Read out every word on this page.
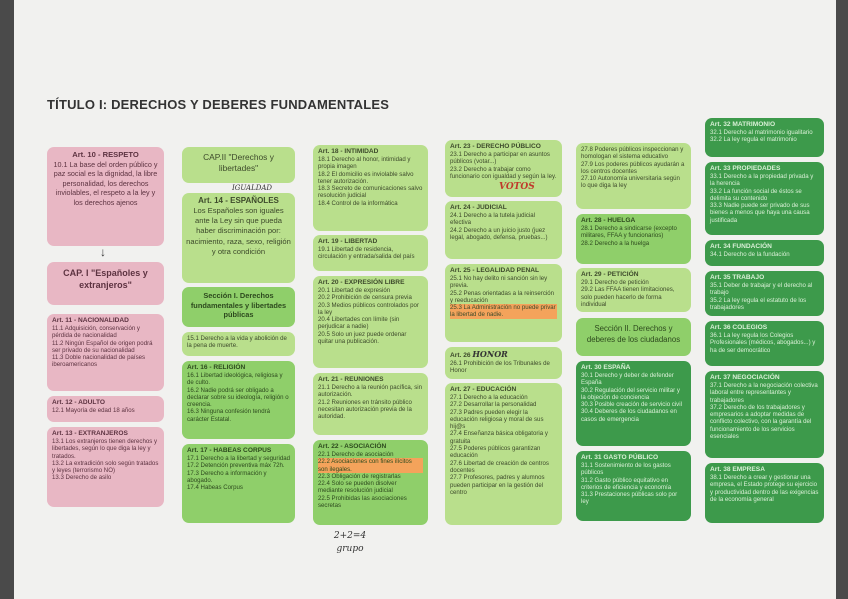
TÍTULO I: DERECHOS Y DEBERES FUNDAMENTALES

Art. 10 - RESPETO

10.1 La base del orden público y paz social es la dignidad, la libre personalidad, los derechos inviolables, el respeto a la ley y los derechos ajenos

↓
CAP. I "Españoles y extranjeros"

Art. 11 - NACIONALIDAD

11.1 Adquisición, conservación y pérdida de nacionalidad

11.2 Ningún Español de origen podrá ser privado de su nacionalidad

11.3 Doble nacionalidad de países iberoamericanos

Art. 12 - ADULTO

12.1 Mayoría de edad 18 años

Art. 13 - EXTRANJEROS

13.1 Los extranjeros tienen derechos y libertades, según lo que diga la ley y tratados.

13.2 La extradición solo según tratados y leyes (terrorismo NO)

13.3 Derecho de asilo

CAP.II "Derechos y libertades"
IGUALDAD

Art. 14 - ESPAÑOLES

Los Españoles son iguales ante la Ley sin que pueda haber discriminación por: nacimiento, raza, sexo, religión y otra condición

Sección I. Derechos fundamentales y libertades públicas

15.1 Derecho a la vida y abolición de la pena de muerte.

Art. 16 - RELIGIÓN

16.1 Libertad ideológica, religiosa y de culto.

16.2 Nadie podrá ser obligado a declarar sobre su ideología, religión o creencia.

16.3 Ninguna confesión tendrá carácter Estatal.

Art. 17 - HABEAS CORPUS

17.1 Derecho a la libertad y seguridad

17.2 Detención preventiva máx 72h.

17.3 Derecho a información y abogado.

17.4 Habeas Corpus

Art. 18 - INTIMIDAD

18.1 Derecho al honor, intimidad y propia imagen

18.2 El domicilio es inviolable salvo tener autorización.

18.3 Secreto de comunicaciones salvo resolución judicial

18.4 Control de la informática

Art. 19 - LIBERTAD

19.1 Libertad de residencia, circulación y entrada/salida del país

Art. 20 - EXPRESIÓN LIBRE

20.1 Libertad de expresión

20.2 Prohibición de censura previa

20.3 Medios públicos controlados por la ley

20.4 Libertades con límite (sin perjudicar a nadie)

20.5 Solo un juez puede ordenar quitar una publicación.

Art. 21 - REUNIONES

21.1 Derecho a la reunión pacífica, sin autorización.

21.2 Reuniones en tránsito público necesitan autorización previa de la autoridad.

Art. 22 - ASOCIACIÓN

22.1 Derecho de asociación

22.2 Asociaciones con fines ilícitos son ilegales.

22.3 Obligación de registrarlas

22.4 Solo se pueden disolver mediante resolución judicial

22.5 Prohibidas las asociaciones secretas

2+2=4 grupo

Art. 23 - DERECHO PÚBLICO

23.1 Derecho a participar en asuntos públicos (votar...)

23.2 Derecho a trabajar como funcionario con igualdad y según la ley.

VOTOS

Art. 24 - JUDICIAL

24.1 Derecho a la tutela judicial efectiva

24.2 Derecho a un juicio justo (juez legal, abogado, defensa, pruebas...)

Art. 25 - LEGALIDAD PENAL

25.1 No hay delito ni sanción sin ley previa.

25.2 Penas orientadas a la reinserción y reeducación

25.3 La Administración no puede privar la libertad de nadie.

Art. 26 HONOR

26.1 Prohibición de los Tribunales de Honor

Art. 27 - EDUCACIÓN

27.1 Derecho a la educación

27.2 Desarrollar la personalidad

27.3 Padres pueden elegir la educación religiosa y moral de sus hij@s

27.4 Enseñanza básica obligatoria y gratuita

27.5 Poderes públicos garantizan educación

27.6 Libertad de creación de centros docentes

27.7 Profesores, padres y alumnos pueden participar en la gestión del centro

27.8 Poderes públicos inspeccionan y homologan el sistema educativo

27.9 Los poderes públicos ayudarán a los centros docentes

27.10 Autonomía universitaria según lo que diga la ley

Art. 28 - HUELGA

28.1 Derecho a sindicarse (excepto militares, FFAA y funcionarios)

28.2 Derecho a la huelga

Art. 29 - PETICIÓN

29.1 Derecho de petición

29.2 Las FFAA tienen limitaciones, solo pueden hacerlo de forma individual

Sección II. Derechos y deberes de los ciudadanos

Art. 30 ESPAÑA

30.1 Derecho y deber de defender España

30.2 Regulación del servicio militar y la objeción de conciencia

30.3 Posible creación de servicio civil

30.4 Deberes de los ciudadanos en casos de emergencia

Art. 31 GASTO PÚBLICO

31.1 Sostenimiento de los gastos públicos

31.2 Gasto público equitativo en criterios de eficiencia y economía

31.3 Prestaciones públicas solo por ley

Art. 32 MATRIMONIO

32.1 Derecho al matrimonio igualitario

32.2 La ley regula el matrimonio

Art. 33 PROPIEDADES

33.1 Derecho a la propiedad privada y la herencia

33.2 La función social de éstos se delimita su contenido

33.3 Nadie puede ser privado de sus bienes a menos que haya una causa justificada

Art. 34 FUNDACIÓN

34.1 Derecho de la fundación

Art. 35 TRABAJO

35.1 Deber de trabajar y el derecho al trabajo

35.2 La ley regula el estatuto de los trabajadores

Art. 36 COLEGIOS

36.1 La ley regula los Colegios Profesionales (médicos, abogados...) y ha de ser democrático

Art. 37 NEGOCIACIÓN

37.1 Derecho a la negociación colectiva laboral entre representantes y trabajadores

37.2 Derecho de los trabajadores y empresarios a adoptar medidas de conflicto colectivo, con la garantía del funcionamiento de los servicios esenciales

Art. 38 EMPRESA

38.1 Derecho a crear y gestionar una empresa, el Estado protege su ejercicio y productividad dentro de las exigencias de la economía general
